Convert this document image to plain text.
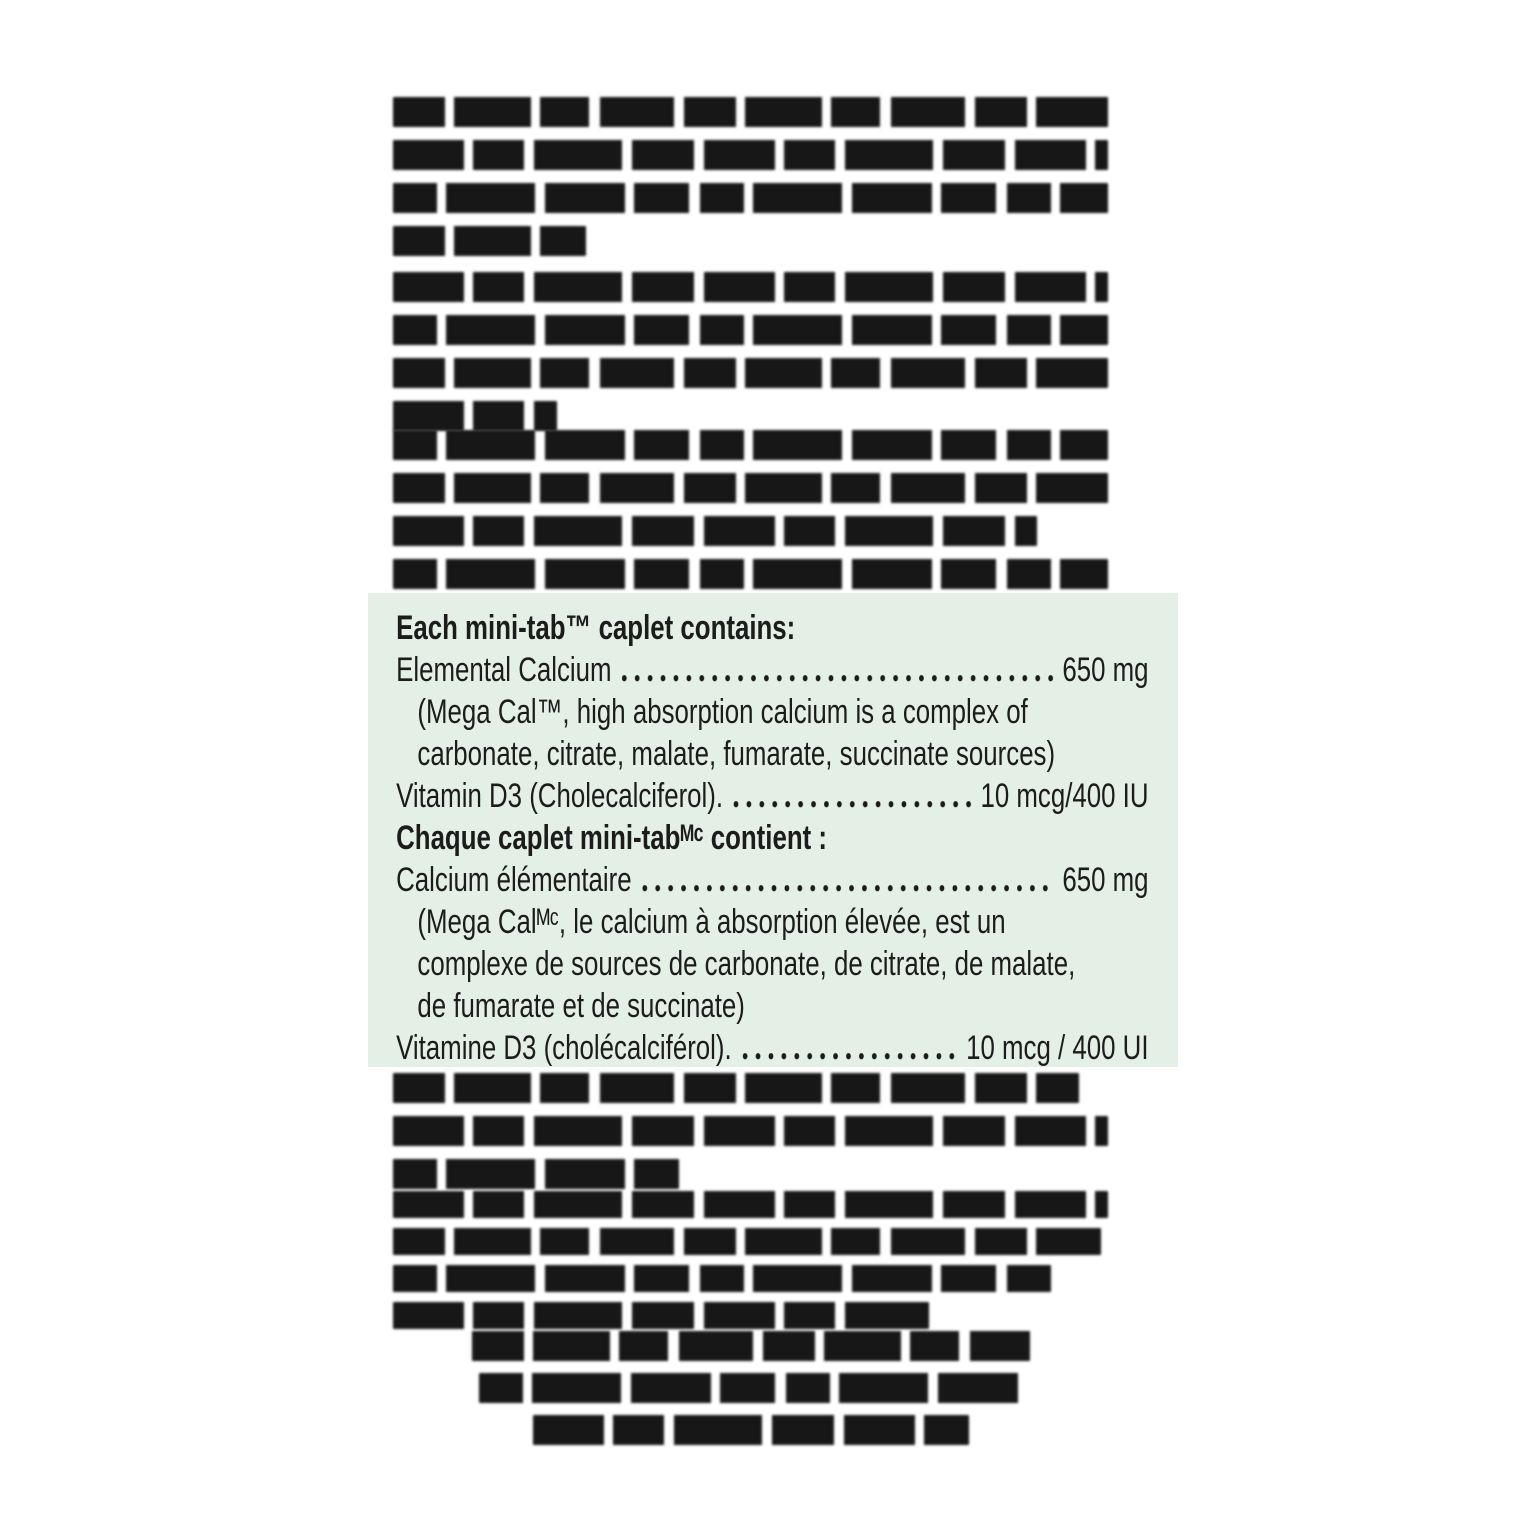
Each mini-tab™ caplet contains:
Elemental Calcium	650 mg
(Mega Cal™, high absorption calcium is a complex of
carbonate, citrate, malate, fumarate, succinate sources)
Vitamin D3 (Cholecalciferol).	10 mcg/400 IU
Chaque caplet mini-tabᴹᶜ contient :
Calcium élémentaire	650 mg
(Mega Calᴹᶜ, le calcium à absorption élevée, est un
complexe de sources de carbonate, de citrate, de malate,
de fumarate et de succinate)
Vitamine D3 (cholécalciférol).	10 mcg / 400 UI
